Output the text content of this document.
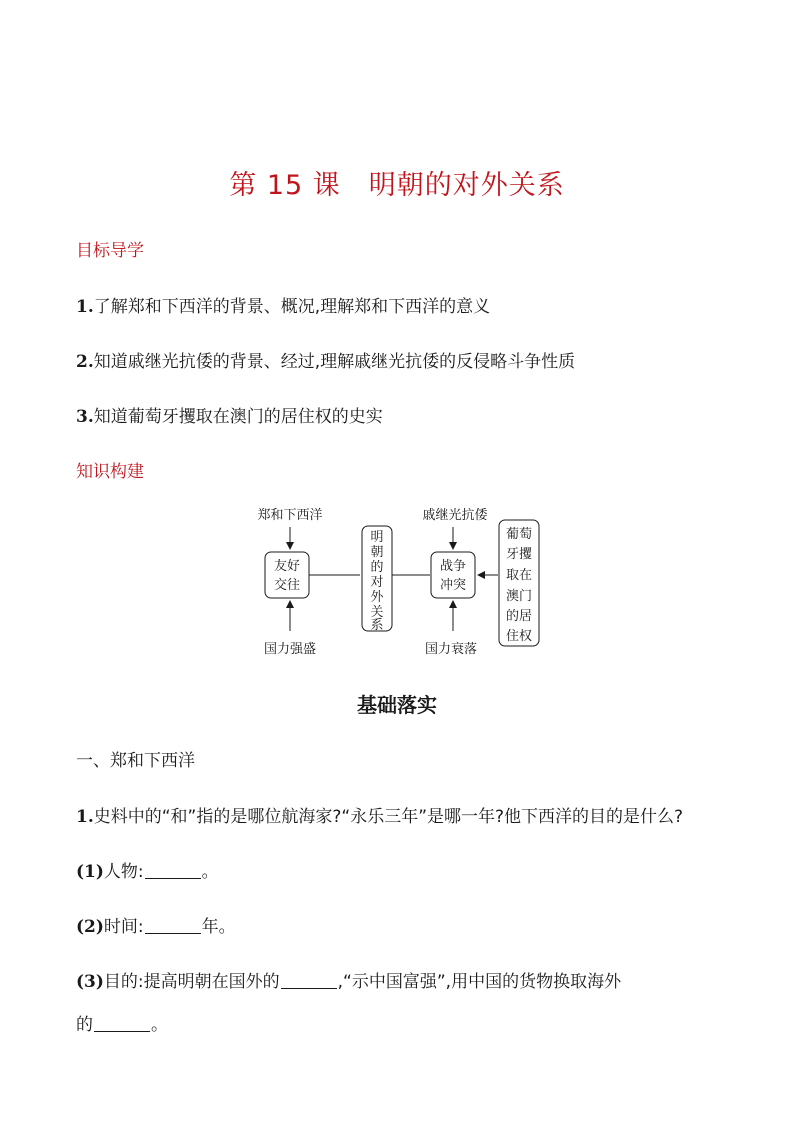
第 15 课　明朝的对外关系
目标导学
1.了解郑和下西洋的背景、概况,理解郑和下西洋的意义
2.知道戚继光抗倭的背景、经过,理解戚继光抗倭的反侵略斗争性质
3.知道葡萄牙攫取在澳门的居住权的史实
知识构建
郑和下西洋
友好
交往
国力强盛
明
朝
的
对
外
关
系
戚继光抗倭
战争
冲突
国力衰落
葡萄
牙攫
取在
澳门
的居
住权
基础落实
一、郑和下西洋
1.史料中的“和”指的是哪位航海家?“永乐三年”是哪一年?他下西洋的目的是什么?
(1)人物:	。
(2)时间:	年。
(3)目的:提高明朝在国外的	,“示中国富强”,用中国的货物换取海外
的	。
